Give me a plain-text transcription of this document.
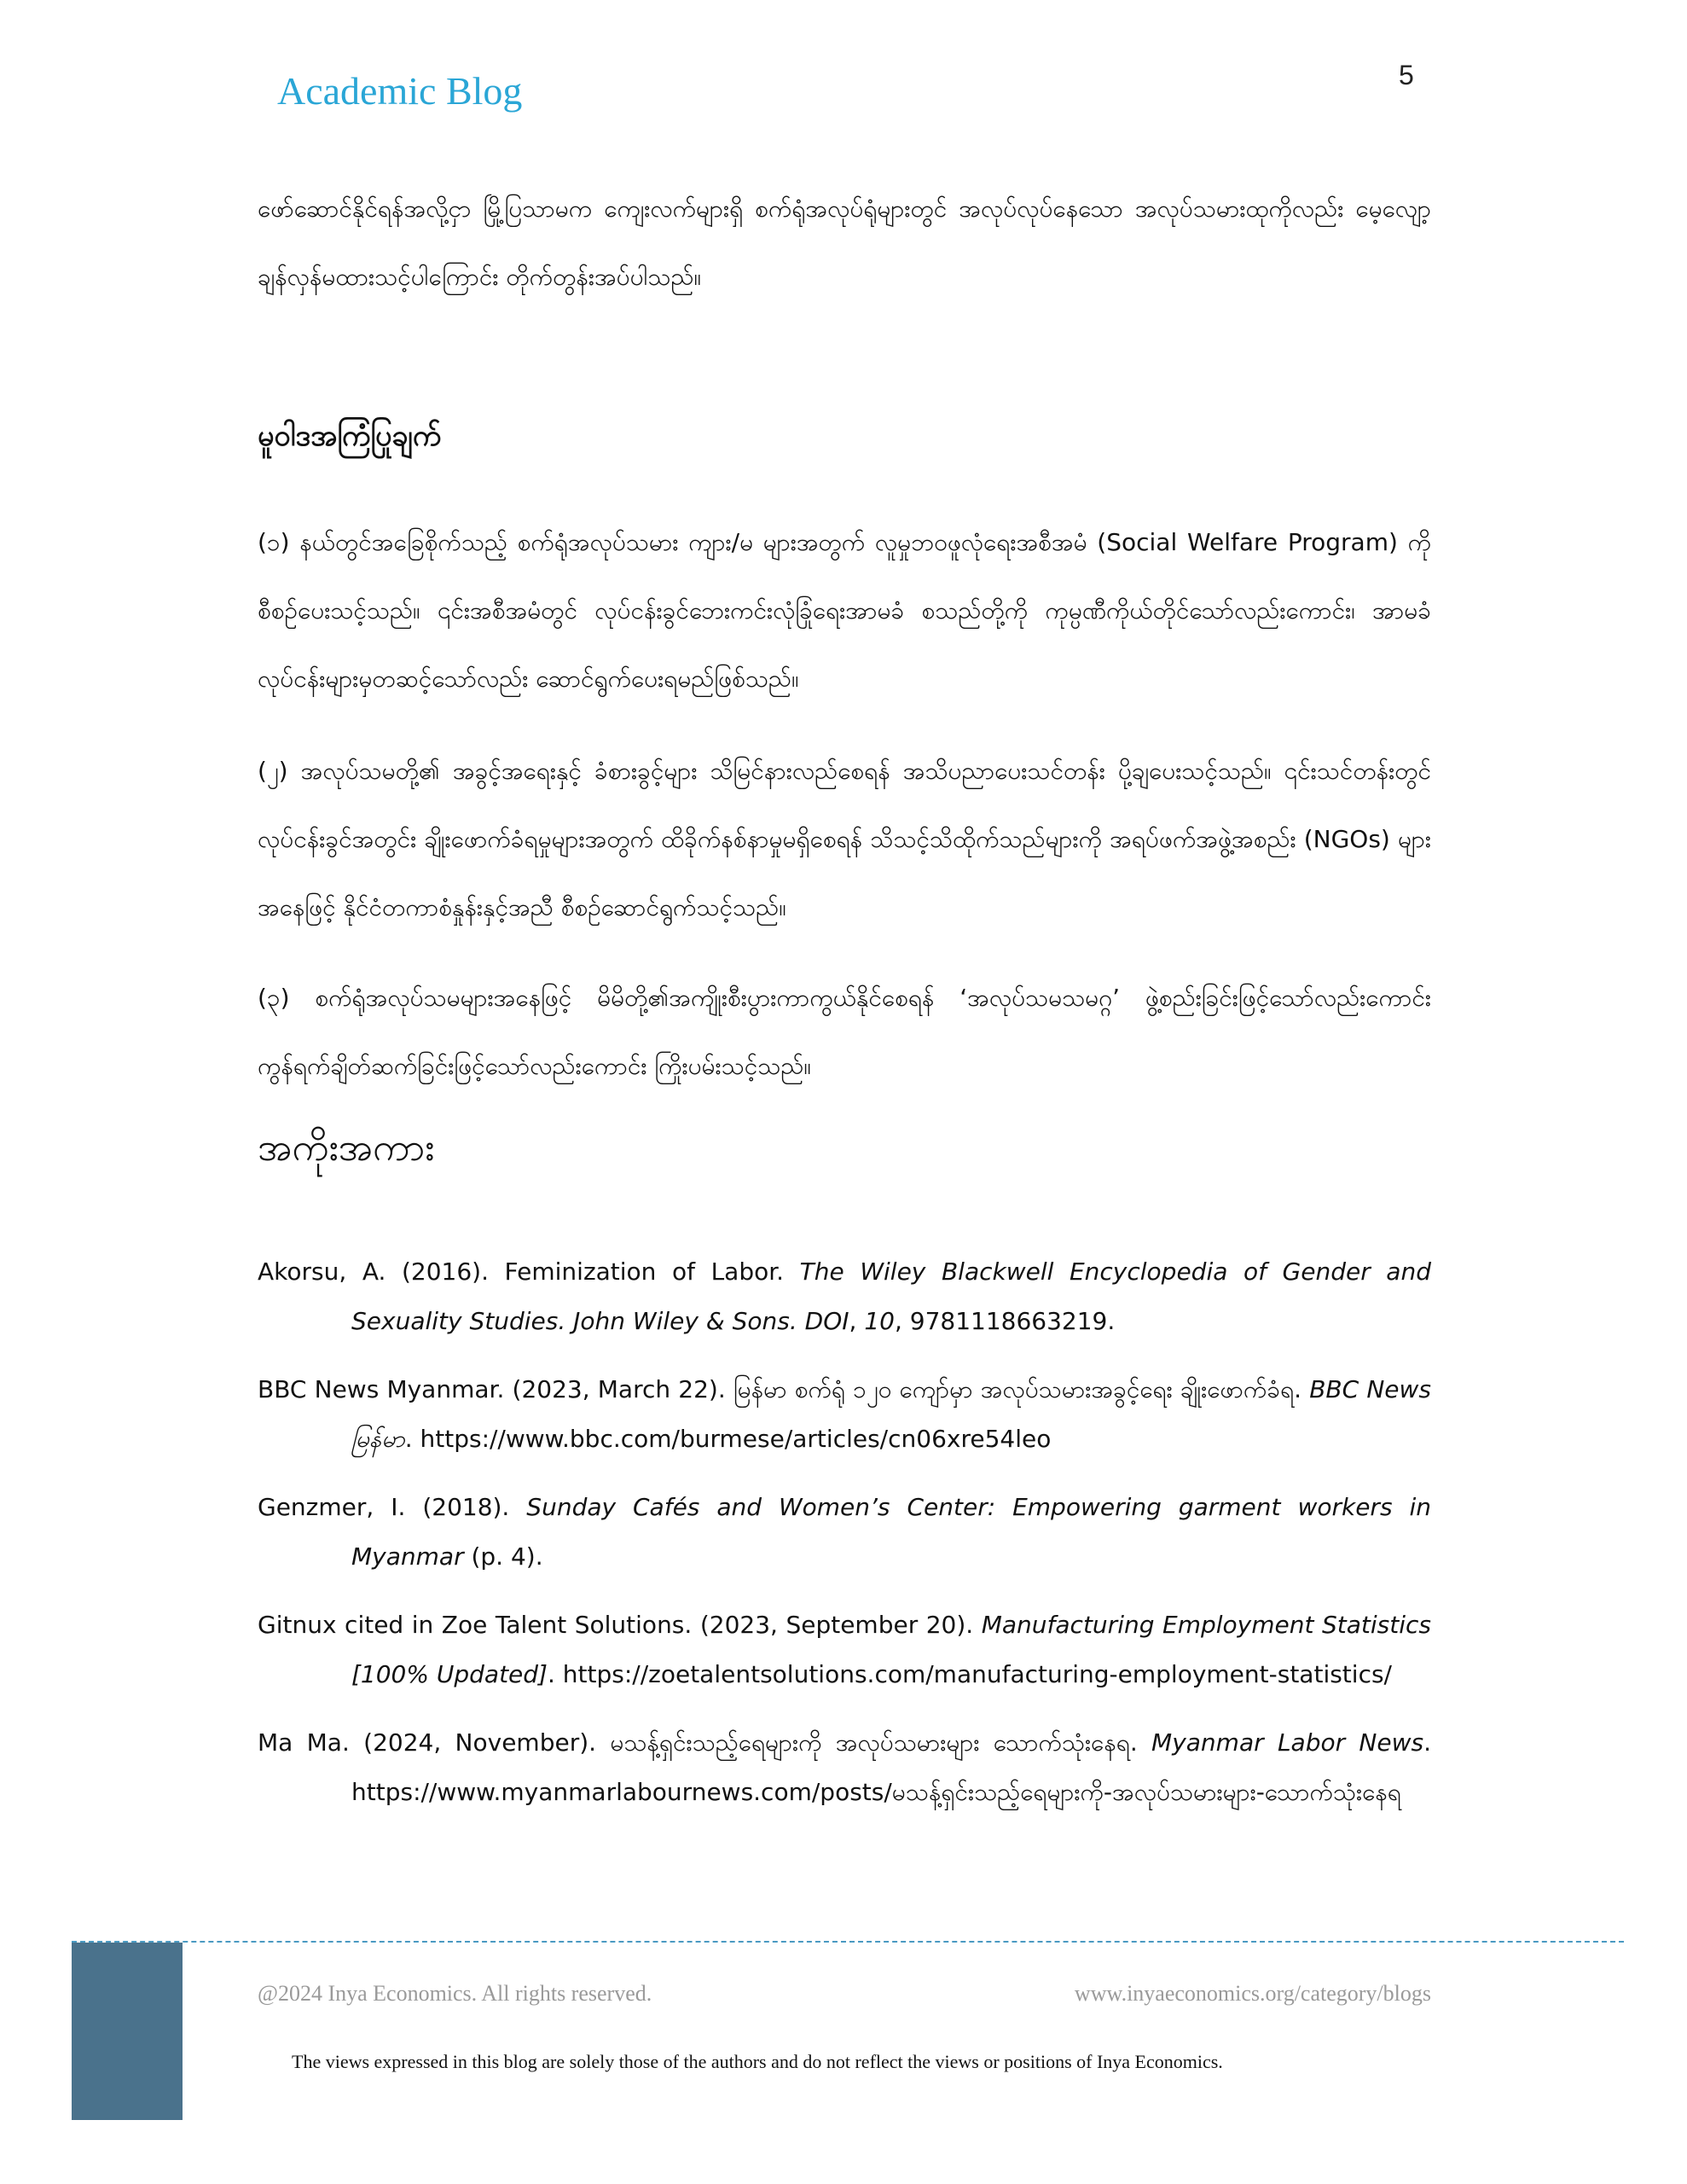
Academic Blog	5

ဖော်ဆောင်နိုင်ရန်အလို့ငှာ မြို့ပြသာမက ကျေးလက်များရှိ စက်ရုံအလုပ်ရုံများတွင် အလုပ်လုပ်နေသော အလုပ်သမားထုကိုလည်း မေ့လျော့ချန်လှန်မထားသင့်ပါကြောင်း တိုက်တွန်းအပ်ပါသည်။

မူဝါဒအကြံပြုချက်

(၁) နယ်တွင်အခြေစိုက်သည့် စက်ရုံအလုပ်သမား ကျား/မ များအတွက် လူမှုဘဝဖူလုံရေးအစီအမံ (Social Welfare Program) ကို စီစဉ်ပေးသင့်သည်။ ၎င်းအစီအမံတွင် လုပ်ငန်းခွင်ဘေးကင်းလုံခြုံရေးအာမခံ စသည်တို့ကို ကုမ္ပဏီကိုယ်တိုင်သော်လည်းကောင်း၊ အာမခံလုပ်ငန်းများမှတဆင့်သော်လည်း ဆောင်ရွက်ပေးရမည်ဖြစ်သည်။

(၂) အလုပ်သမတို့၏ အခွင့်အရေးနှင့် ခံစားခွင့်များ သိမြင်နားလည်စေရန် အသိပညာပေးသင်တန်း ပို့ချပေးသင့်သည်။ ၎င်းသင်တန်းတွင် လုပ်ငန်းခွင်အတွင်း ချိုးဖောက်ခံရမှုများအတွက် ထိခိုက်နစ်နာမှုမရှိစေရန် သိသင့်သိထိုက်သည်များကို အရပ်ဖက်အဖွဲ့အစည်း (NGOs) များအနေဖြင့် နိုင်ငံတကာစံနှုန်းနှင့်အညီ စီစဉ်ဆောင်ရွက်သင့်သည်။

(၃) စက်ရုံအလုပ်သမများအနေဖြင့် မိမိတို့၏အကျိုးစီးပွားကာကွယ်နိုင်စေရန် ‘အလုပ်သမသမဂ္ဂ’ ဖွဲ့စည်းခြင်းဖြင့်သော်လည်းကောင်း ကွန်ရက်ချိတ်ဆက်ခြင်းဖြင့်သော်လည်းကောင်း ကြိုးပမ်းသင့်သည်။

အကိုးအကား
Akorsu, A. (2016). Feminization of Labor. The Wiley Blackwell Encyclopedia of Gender and Sexuality Studies. John Wiley & Sons. DOI, 10, 9781118663219.
BBC News Myanmar. (2023, March 22). မြန်မာ စက်ရုံ ၁၂၀ ကျော်မှာ အလုပ်သမားအခွင့်ရေး ချိုးဖောက်ခံရ. BBC News မြန်မာ. https://www.bbc.com/burmese/articles/cn06xre54leo
Genzmer, I. (2018). Sunday Cafés and Women’s Center: Empowering garment workers in Myanmar (p. 4).
Gitnux cited in Zoe Talent Solutions. (2023, September 20). Manufacturing Employment Statistics [100% Updated]. https://zoetalentsolutions.com/manufacturing-employment-statistics/
Ma Ma. (2024, November). မသန့်ရှင်းသည့်ရေများကို အလုပ်သမားများ သောက်သုံးနေရ. Myanmar Labor News. https://www.myanmarlabournews.com/posts/မသန့်ရှင်းသည့်ရေများကို-အလုပ်သမားများ-သောက်သုံးနေရ
@2024 Inya Economics. All rights reserved.	www.inyaeconomics.org/category/blogs
The views expressed in this blog are solely those of the authors and do not reflect the views or positions of Inya Economics.
